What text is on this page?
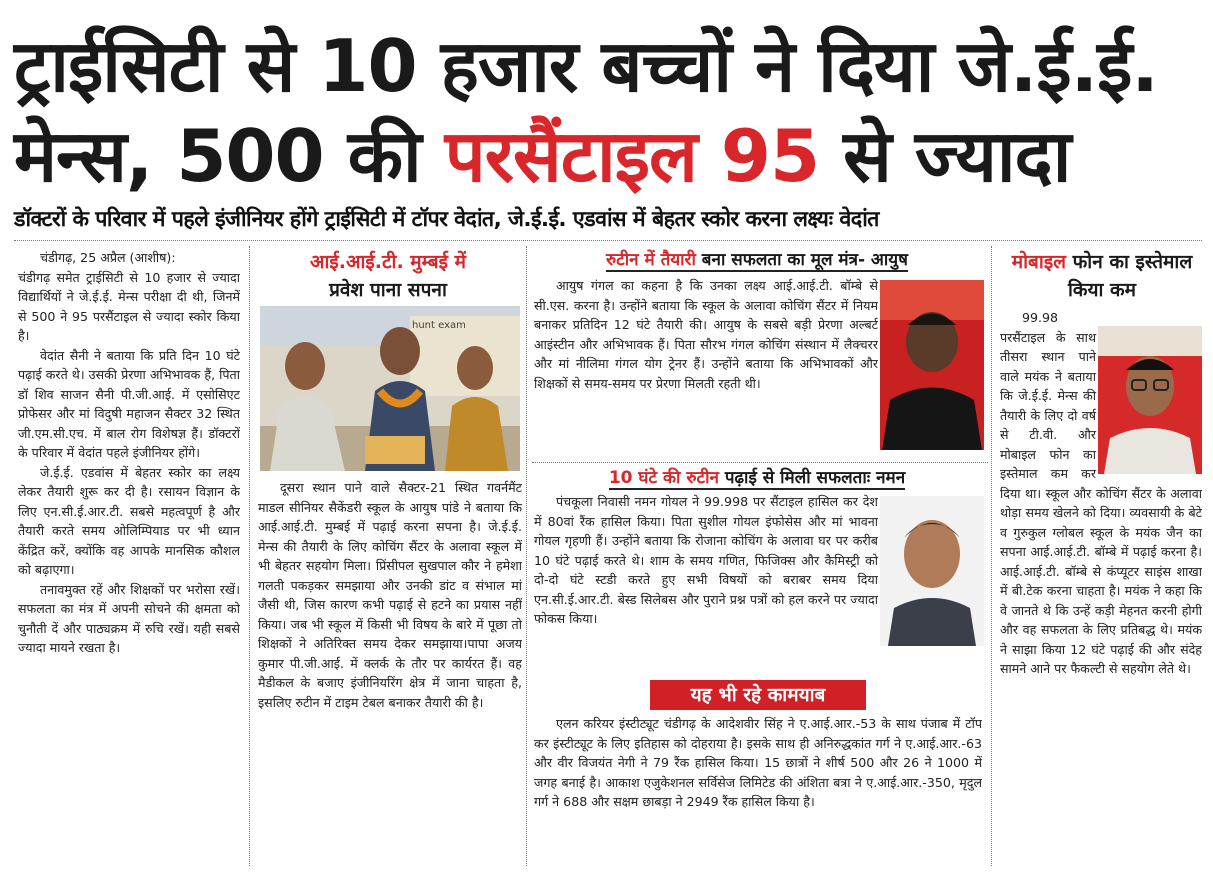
ट्राईसिटी से 10 हजार बच्चों ने दिया जे.ई.ई.
मेन्स, 500 की परसैंटाइल 95 से ज्यादा
डॉक्टरों के परिवार में पहले इंजीनियर होंगे ट्राईसिटी में टॉपर वेदांत, जे.ई.ई. एडवांस में बेहतर स्कोर करना लक्ष्यः वेदांत

चंडीगढ़, 25 अप्रैल (आशीष):

चंडीगढ़ समेत ट्राईसिटी से 10 हजार से ज्यादा विद्यार्थियों ने जे.ई.ई. मेन्स परीक्षा दी थी, जिनमें से 500 ने 95 परसैंटाइल से ज्यादा स्कोर किया है।

वेदांत सैनी ने बताया कि प्रति दिन 10 घंटे पढ़ाई करते थे। उसकी प्रेरणा अभिभावक हैं, पिता डॉ शिव साजन सैनी पी.जी.आई. में एसोसिएट प्रोफेसर और मां विदुषी महाजन सैक्टर 32 स्थित जी.एम.सी.एच. में बाल रोग विशेषज्ञ हैं। डॉक्टरों के परिवार में वेदांत पहले इंजीनियर होंगे।

जे.ई.ई. एडवांस में बेहतर स्कोर का लक्ष्य लेकर तैयारी शुरू कर दी है। रसायन विज्ञान के लिए एन.सी.ई.आर.टी. सबसे महत्वपूर्ण है और तैयारी करते समय ओलिम्पियाड पर भी ध्यान केंद्रित करें, क्योंकि वह आपके मानसिक कौशल को बढ़ाएगा।

तनावमुक्त रहें और शिक्षकों पर भरोसा रखें। सफलता का मंत्र में अपनी सोचने की क्षमता को चुनौती दें और पाठ्यक्रम में रुचि रखें। यही सबसे ज्यादा मायने रखता है।

आई.आई.टी. मुम्बई में
प्रवेश पाना सपना
hunt exam

दूसरा स्थान पाने वाले सैक्टर-21 स्थित गवर्नमैंट माडल सीनियर सैकेंडरी स्कूल के आयुष पांडे ने बताया कि आई.आई.टी. मुम्बई में पढ़ाई करना सपना है। जे.ई.ई. मेन्स की तैयारी के लिए कोचिंग सैंटर के अलावा स्कूल में भी बेहतर सहयोग मिला। प्रिंसीपल सुखपाल कौर ने हमेशा गलती पकड़कर समझाया और उनकी डांट व संभाल मां जैसी थी, जिस कारण कभी पढ़ाई से हटने का प्रयास नहीं किया। जब भी स्कूल में किसी भी विषय के बारे में पूछा तो शिक्षकों ने अतिरिक्त समय देकर समझाया।पापा अजय कुमार पी.जी.आई. में क्लर्क के तौर पर कार्यरत हैं। वह मैडीकल के बजाए इंजीनियरिंग क्षेत्र में जाना चाहता है, इसलिए रुटीन में टाइम टेबल बनाकर तैयारी की है।

रुटीन में तैयारी बना सफलता का मूल मंत्र- आयुष

आयुष गंगल का कहना है कि उनका लक्ष्य आई.आई.टी. बॉम्बे से सी.एस. करना है। उन्होंने बताया कि स्कूल के अलावा कोचिंग सैंटर में नियम बनाकर प्रतिदिन 12 घंटे तैयारी की। आयुष के सबसे बड़ी प्रेरणा अल्बर्ट आइंस्टीन और अभिभावक हैं। पिता सौरभ गंगल कोचिंग संस्थान में लैक्चरर और मां नीलिमा गंगल योग ट्रेनर हैं। उन्होंने बताया कि अभिभावकों और शिक्षकों से समय-समय पर प्रेरणा मिलती रहती थी।

10 घंटे की रुटीन पढ़ाई से मिली सफलताः नमन

पंचकूला निवासी नमन गोयल ने 99.998 पर सैंटाइल हासिल कर देश में 80वां रैंक हासिल किया। पिता सुशील गोयल इंफोसेस और मां भावना गोयल गृहणी हैं। उन्होंने बताया कि रोजाना कोचिंग के अलावा घर पर करीब 10 घंटे पढ़ाई करते थे। शाम के समय गणित, फिजिक्स और कैमिस्ट्री को दो-दो घंटे स्टडी करते हुए सभी विषयों को बराबर समय दिया एन.सी.ई.आर.टी. बेस्ड सिलेबस और पुराने प्रश्न पत्रों को हल करने पर ज्यादा फोकस किया।

यह भी रहे कामयाब

एलन करियर इंस्टीट्यूट चंडीगढ़ के आदेशवीर सिंह ने ए.आई.आर.-53 के साथ पंजाब में टॉप कर इंस्टीट्यूट के लिए इतिहास को दोहराया है। इसके साथ ही अनिरुद्धकांत गर्ग ने ए.आई.आर.-63 और वीर विजयंत नेगी ने 79 रैंक हासिल किया। 15 छात्रों ने शीर्ष 500 और 26 ने 1000 में जगह बनाई है। आकाश एजुकेशनल सर्विसेज लिमिटेड की अंशिता बत्रा ने ए.आई.आर.-350, मृदुल गर्ग ने 688 और सक्षम छाबड़ा ने 2949 रैंक हासिल किया है।

मोबाइल फोन का इस्तेमाल किया कम

99.98 परसैंटाइल के साथ तीसरा स्थान पाने वाले मयंक ने बताया कि जे.ई.ई. मेन्स की तैयारी के लिए दो वर्ष से टी.वी. और मोबाइल फोन का इस्तेमाल कम कर दिया था। स्कूल और कोचिंग सैंटर के अलावा थोड़ा समय खेलने को दिया। व्यवसायी के बेटे व गुरुकुल ग्लोबल स्कूल के मयंक जैन का सपना आई.आई.टी. बॉम्बे में पढ़ाई करना है। आई.आई.टी. बॉम्बे से कंप्यूटर साइंस शाखा में बी.टेक करना चाहता है। मयंक ने कहा कि वे जानते थे कि उन्हें कड़ी मेहनत करनी होगी और वह सफलता के लिए प्रतिबद्ध थे। मयंक ने साझा किया 12 घंटे पढ़ाई की और संदेह सामने आने पर फैकल्टी से सहयोग लेते थे।
